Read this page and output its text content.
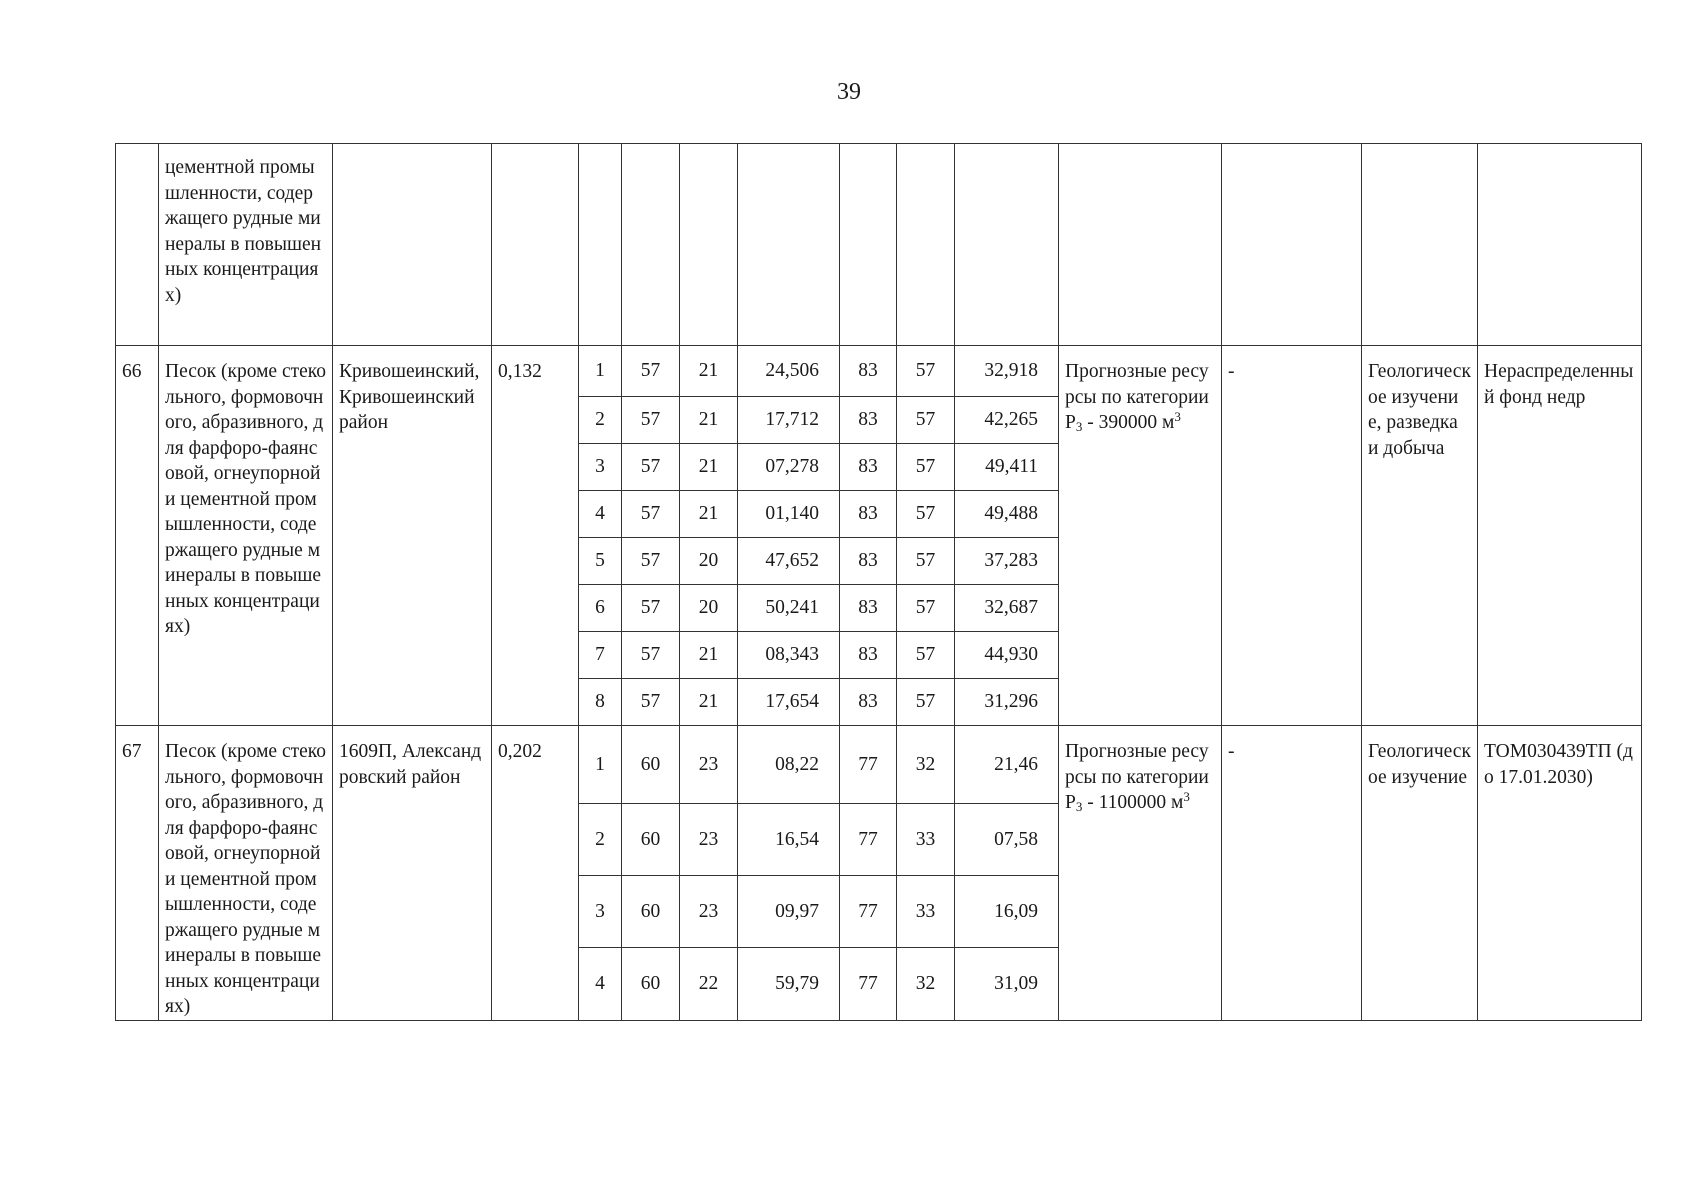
39
	цементной промышленности, содержащего рудные минералы в повышенных концентрациях)													
66	Песок (кроме стекольного, формовочного, абразивного, для фарфоро-фаянсовой, огнеупорной и цементной промышленности, содержащего рудные минералы в повышенных концентрациях)	Кривошеинский, Кривошеинский район	0,132	1	57	21	24,506	83	57	32,918	Прогнозные ресурсы по категории $P_3 - 390000$ $м^3$	-	Геологическое изучение, разведка и добыча	Нераспределенный фонд недр
				2	57	21	17,712	83	57	42,265				
				3	57	21	07,278	83	57	49,411				
				4	57	21	01,140	83	57	49,488				
				5	57	20	47,652	83	57	37,283				
				6	57	20	50,241	83	57	32,687				
				7	57	21	08,343	83	57	44,930				
				8	57	21	17,654	83	57	31,296				
67	Песок (кроме стекольного, формовочного, абразивного, для фарфоро-фаянсовой, огнеупорной и цементной промышленности, содержащего рудные минералы в повышенных концентрациях)	1609П, Александровский район	0,202	1	60	23	08,22	77	32	21,46	Прогнозные ресурсы по категории $P_3 - 1100000$ $м^3$	-	Геологическое изучение	ТОМ030439ТП (до 17.01.2030)
				2	60	23	16,54	77	33	07,58				
				3	60	23	09,97	77	33	16,09				
				4	60	22	59,79	77	32	31,09				
